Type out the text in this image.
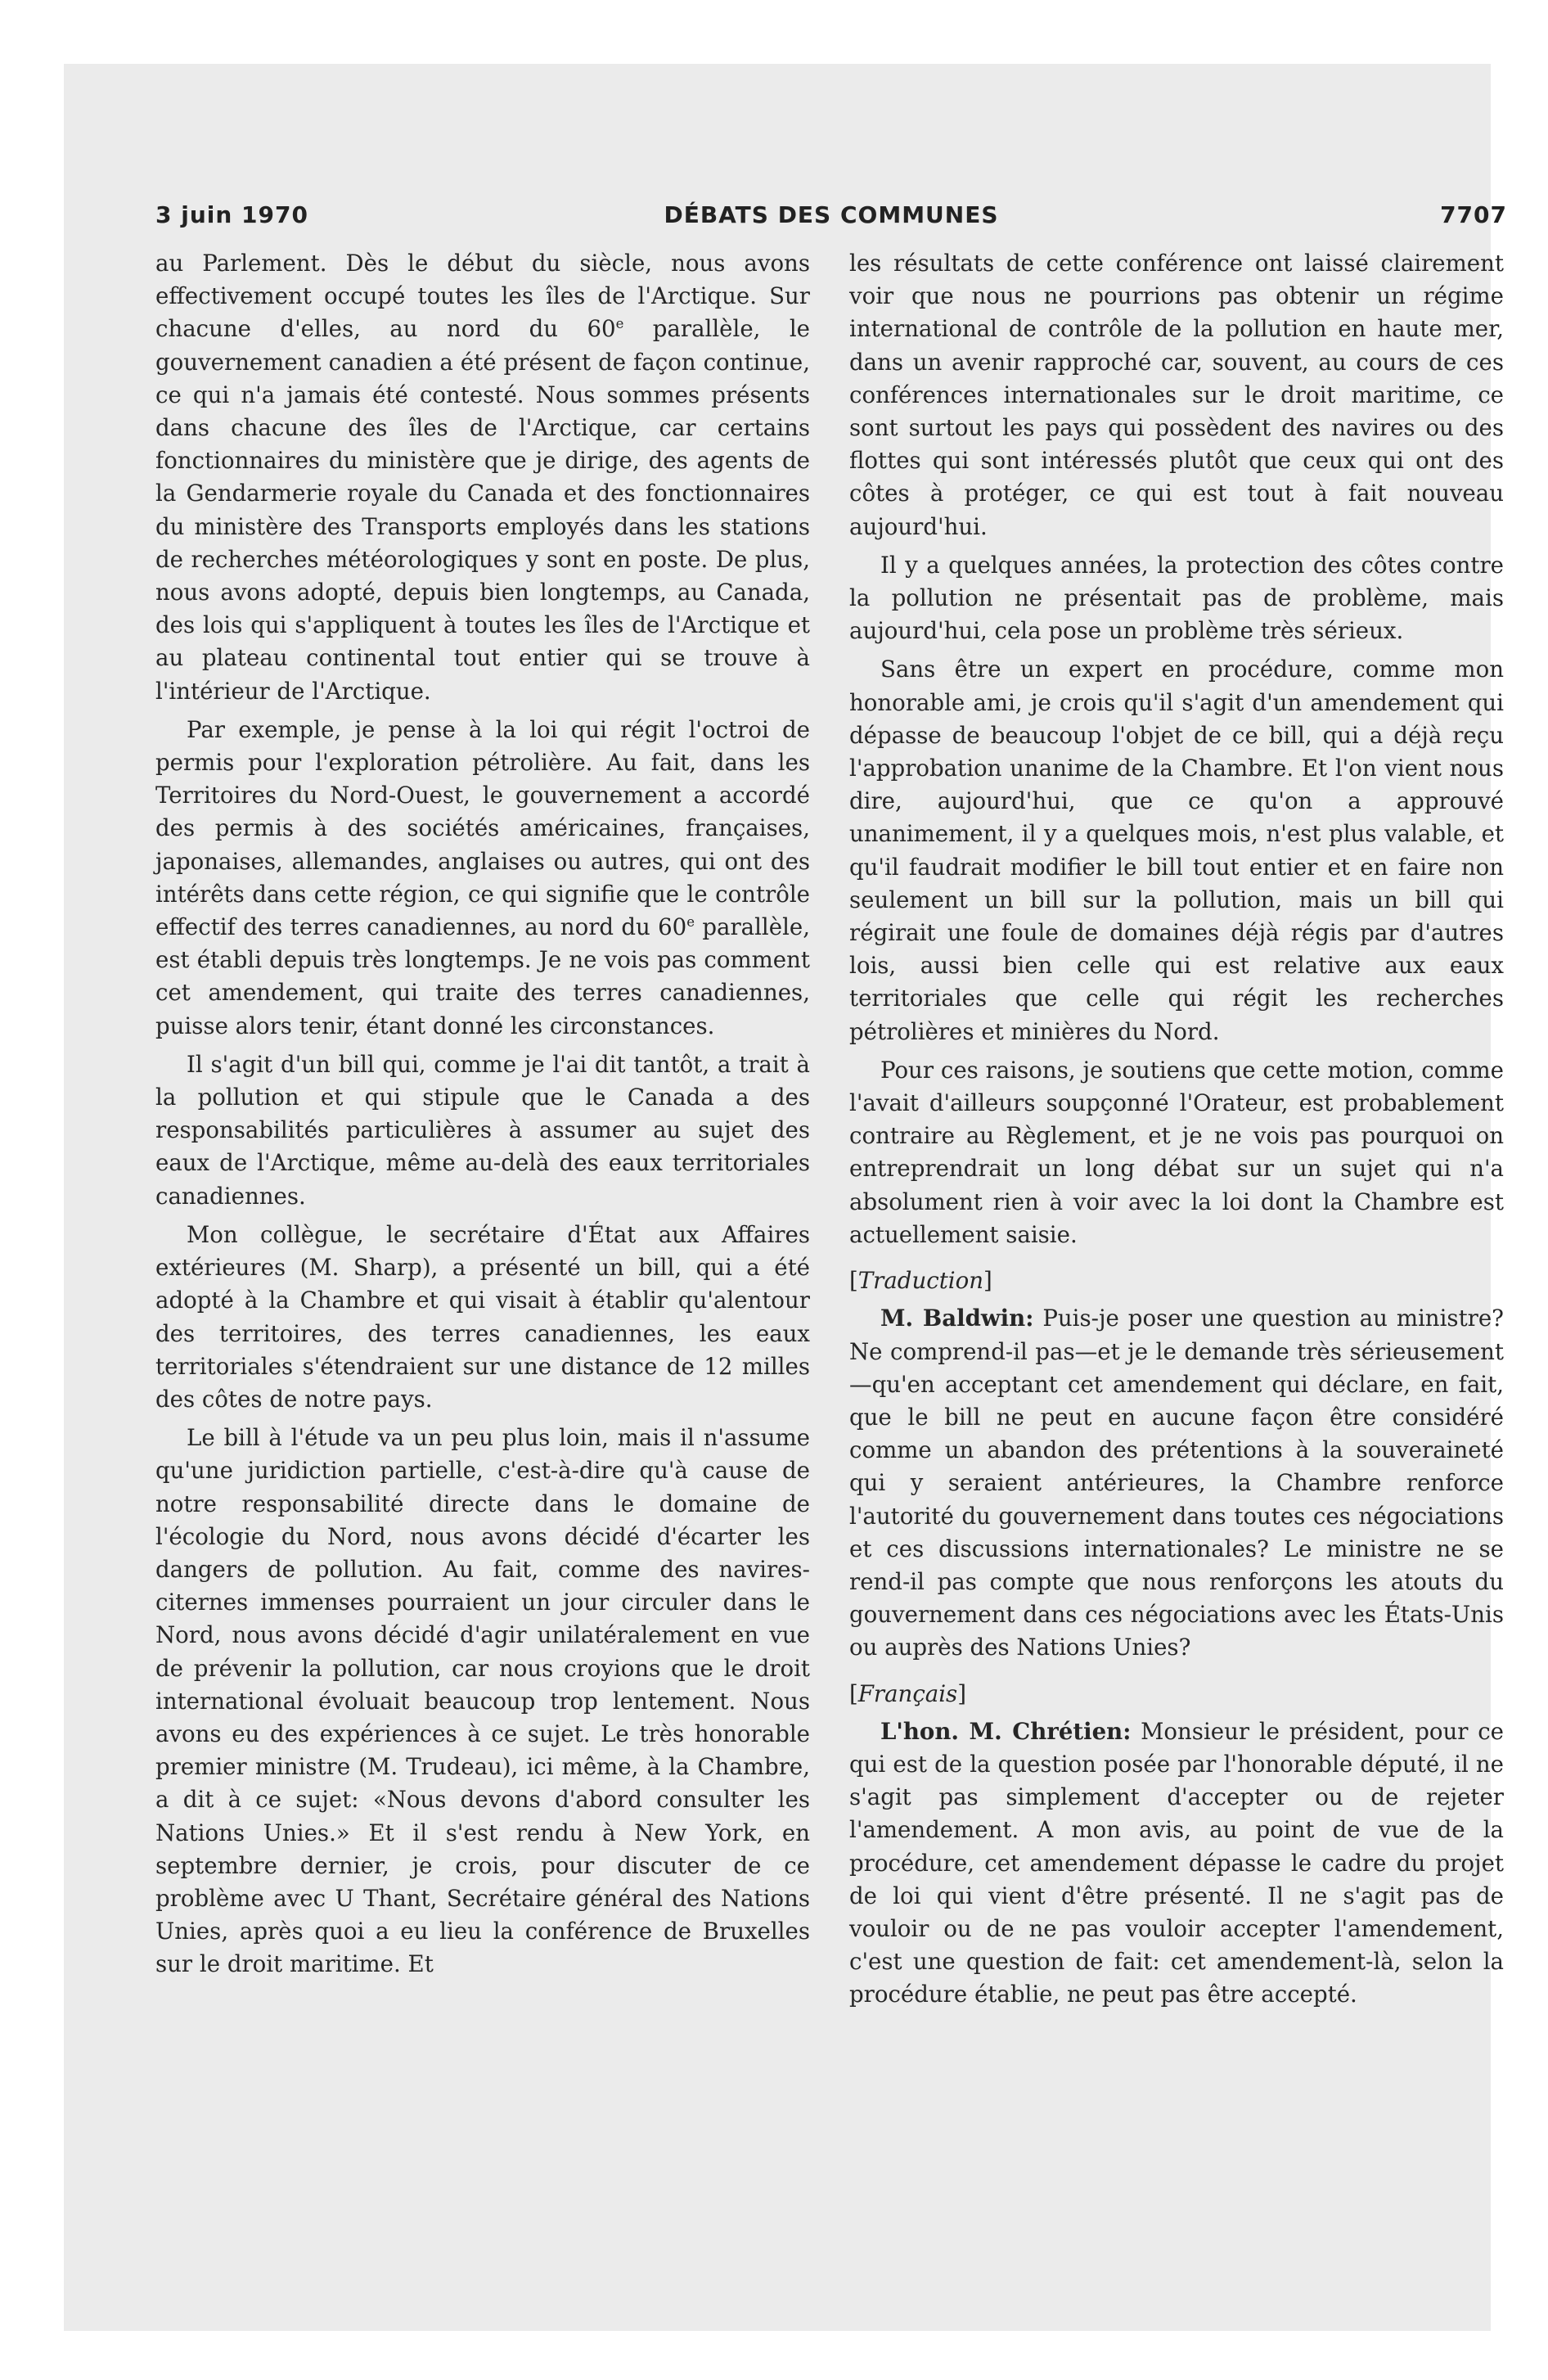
3 juin 1970	DÉBATS DES COMMUNES	7707

au Parlement. Dès le début du siècle, nous avons effectivement occupé toutes les îles de l'Arctique. Sur chacune d'elles, au nord du 60e parallèle, le gouvernement canadien a été présent de façon continue, ce qui n'a jamais été contesté. Nous sommes présents dans chacune des îles de l'Arctique, car certains fonctionnaires du ministère que je dirige, des agents de la Gendarmerie royale du Canada et des fonctionnaires du ministère des Transports employés dans les stations de recherches météorologiques y sont en poste. De plus, nous avons adopté, depuis bien longtemps, au Canada, des lois qui s'appliquent à toutes les îles de l'Arctique et au plateau continental tout entier qui se trouve à l'intérieur de l'Arctique.

Par exemple, je pense à la loi qui régit l'octroi de permis pour l'exploration pétrolière. Au fait, dans les Territoires du Nord-Ouest, le gouvernement a accordé des permis à des sociétés américaines, françaises, japonaises, allemandes, anglaises ou autres, qui ont des intérêts dans cette région, ce qui signifie que le contrôle effectif des terres canadiennes, au nord du 60e parallèle, est établi depuis très longtemps. Je ne vois pas comment cet amendement, qui traite des terres canadiennes, puisse alors tenir, étant donné les circonstances.

Il s'agit d'un bill qui, comme je l'ai dit tantôt, a trait à la pollution et qui stipule que le Canada a des responsabilités particulières à assumer au sujet des eaux de l'Arctique, même au-delà des eaux territoriales canadiennes.

Mon collègue, le secrétaire d'État aux Affaires extérieures (M. Sharp), a présenté un bill, qui a été adopté à la Chambre et qui visait à établir qu'alentour des territoires, des terres canadiennes, les eaux territoriales s'étendraient sur une distance de 12 milles des côtes de notre pays.

Le bill à l'étude va un peu plus loin, mais il n'assume qu'une juridiction partielle, c'est-à-dire qu'à cause de notre responsabilité directe dans le domaine de l'écologie du Nord, nous avons décidé d'écarter les dangers de pollution. Au fait, comme des navires-citernes immenses pourraient un jour circuler dans le Nord, nous avons décidé d'agir unilatéralement en vue de prévenir la pollution, car nous croyions que le droit international évoluait beaucoup trop lentement. Nous avons eu des expériences à ce sujet. Le très honorable premier ministre (M. Trudeau), ici même, à la Chambre, a dit à ce sujet: «Nous devons d'abord consulter les Nations Unies.» Et il s'est rendu à New York, en septembre dernier, je crois, pour discuter de ce problème avec U Thant, Secrétaire général des Nations Unies, après quoi a eu lieu la conférence de Bruxelles sur le droit maritime. Et

les résultats de cette conférence ont laissé clairement voir que nous ne pourrions pas obtenir un régime international de contrôle de la pollution en haute mer, dans un avenir rapproché car, souvent, au cours de ces conférences internationales sur le droit maritime, ce sont surtout les pays qui possèdent des navires ou des flottes qui sont intéressés plutôt que ceux qui ont des côtes à protéger, ce qui est tout à fait nouveau aujourd'hui.

Il y a quelques années, la protection des côtes contre la pollution ne présentait pas de problème, mais aujourd'hui, cela pose un problème très sérieux.

Sans être un expert en procédure, comme mon honorable ami, je crois qu'il s'agit d'un amendement qui dépasse de beaucoup l'objet de ce bill, qui a déjà reçu l'approbation unanime de la Chambre. Et l'on vient nous dire, aujourd'hui, que ce qu'on a approuvé unanimement, il y a quelques mois, n'est plus valable, et qu'il faudrait modifier le bill tout entier et en faire non seulement un bill sur la pollution, mais un bill qui régirait une foule de domaines déjà régis par d'autres lois, aussi bien celle qui est relative aux eaux territoriales que celle qui régit les recherches pétrolières et minières du Nord.

Pour ces raisons, je soutiens que cette motion, comme l'avait d'ailleurs soupçonné l'Orateur, est probablement contraire au Règlement, et je ne vois pas pourquoi on entreprendrait un long débat sur un sujet qui n'a absolument rien à voir avec la loi dont la Chambre est actuellement saisie.

[Traduction]

M. Baldwin: Puis-je poser une question au ministre? Ne comprend-il pas—et je le demande très sérieusement—qu'en acceptant cet amendement qui déclare, en fait, que le bill ne peut en aucune façon être considéré comme un abandon des prétentions à la souveraineté qui y seraient antérieures, la Chambre renforce l'autorité du gouvernement dans toutes ces négociations et ces discussions internationales? Le ministre ne se rend-il pas compte que nous renforçons les atouts du gouvernement dans ces négociations avec les États-Unis ou auprès des Nations Unies?

[Français]

L'hon. M. Chrétien: Monsieur le président, pour ce qui est de la question posée par l'honorable député, il ne s'agit pas simplement d'accepter ou de rejeter l'amendement. A mon avis, au point de vue de la procédure, cet amendement dépasse le cadre du projet de loi qui vient d'être présenté. Il ne s'agit pas de vouloir ou de ne pas vouloir accepter l'amendement, c'est une question de fait: cet amendement-là, selon la procédure établie, ne peut pas être accepté.
